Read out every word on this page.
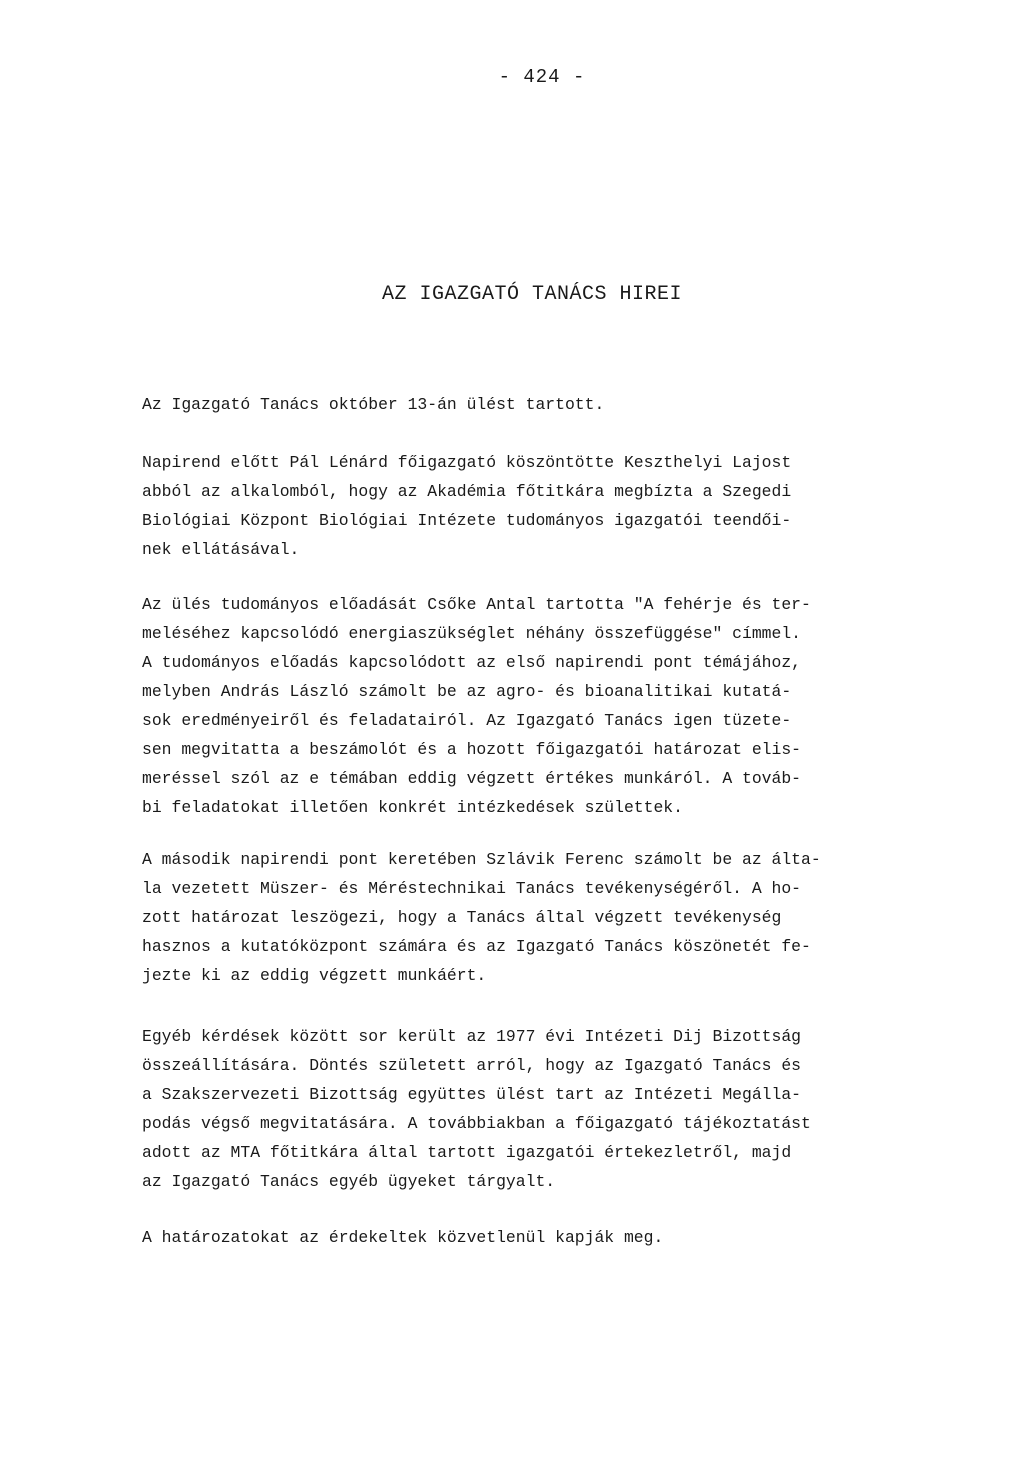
- 424 -
AZ IGAZGATÓ TANÁCS HIREI

Az Igazgató Tanács október 13-án ülést tartott.

Napirend előtt Pál Lénárd főigazgató köszöntötte Keszthelyi Lajost
abból az alkalomból, hogy az Akadémia főtitkára megbízta a Szegedi
Biológiai Központ Biológiai Intézete tudományos igazgatói teendői-
nek ellátásával.

Az ülés tudományos előadását Csőke Antal tartotta "A fehérje és ter-
meléséhez kapcsolódó energiaszükséglet néhány összefüggése" címmel.
A tudományos előadás kapcsolódott az első napirendi pont témájához,
melyben András László számolt be az agro- és bioanalitikai kutatá-
sok eredményeiről és feladatairól. Az Igazgató Tanács igen tüzete-
sen megvitatta a beszámolót és a hozott főigazgatói határozat elis-
meréssel szól az e témában eddig végzett értékes munkáról. A továb-
bi feladatokat illetően konkrét intézkedések születtek.

A második napirendi pont keretében Szlávik Ferenc számolt be az álta-
la vezetett Müszer- és Méréstechnikai Tanács tevékenységéről. A ho-
zott határozat leszögezi, hogy a Tanács által végzett tevékenység
hasznos a kutatóközpont számára és az Igazgató Tanács köszönetét fe-
jezte ki az eddig végzett munkáért.

Egyéb kérdések között sor került az 1977 évi Intézeti Dij Bizottság
összeállítására. Döntés született arról, hogy az Igazgató Tanács és
a Szakszervezeti Bizottság együttes ülést tart az Intézeti Megálla-
podás végső megvitatására. A továbbiakban a főigazgató tájékoztatást
adott az MTA főtitkára által tartott igazgatói értekezletről, majd
az Igazgató Tanács egyéb ügyeket tárgyalt.

A határozatokat az érdekeltek közvetlenül kapják meg.
